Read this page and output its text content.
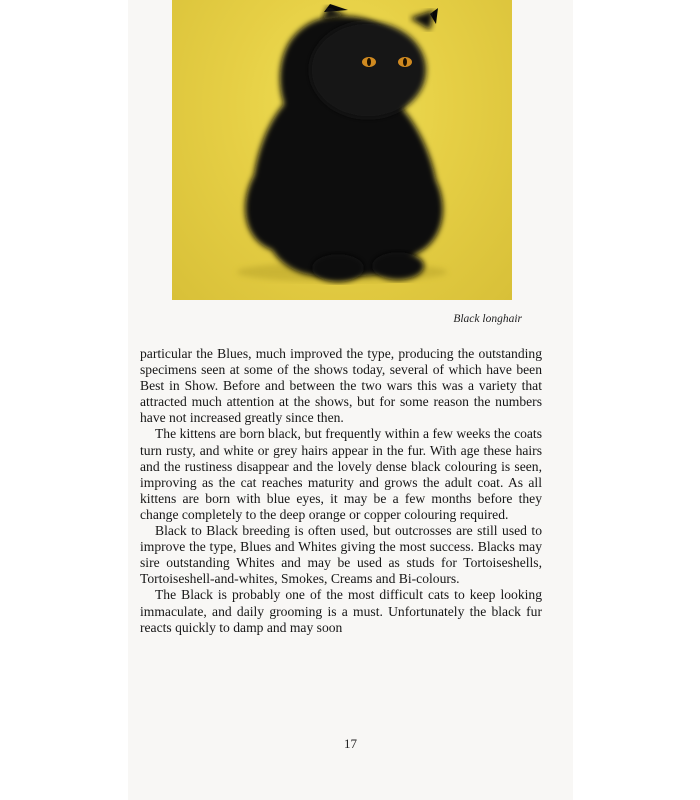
Black longhair

particular the Blues, much improved the type, producing the outstanding specimens seen at some of the shows today, several of which have been Best in Show. Before and between the two wars this was a variety that attracted much attention at the shows, but for some reason the numbers have not increased greatly since then.

The kittens are born black, but frequently within a few weeks the coats turn rusty, and white or grey hairs appear in the fur. With age these hairs and the rustiness disappear and the lovely dense black colouring is seen, improving as the cat reaches maturity and grows the adult coat. As all kittens are born with blue eyes, it may be a few months before they change completely to the deep orange or copper colouring required.

Black to Black breeding is often used, but outcrosses are still used to improve the type, Blues and Whites giving the most success. Blacks may sire outstanding Whites and may be used as studs for Tortoiseshells, Tortoiseshell-and-whites, Smokes, Creams and Bi-colours.

The Black is probably one of the most difficult cats to keep looking immaculate, and daily grooming is a must. Unfortunately the black fur reacts quickly to damp and may soon

17
